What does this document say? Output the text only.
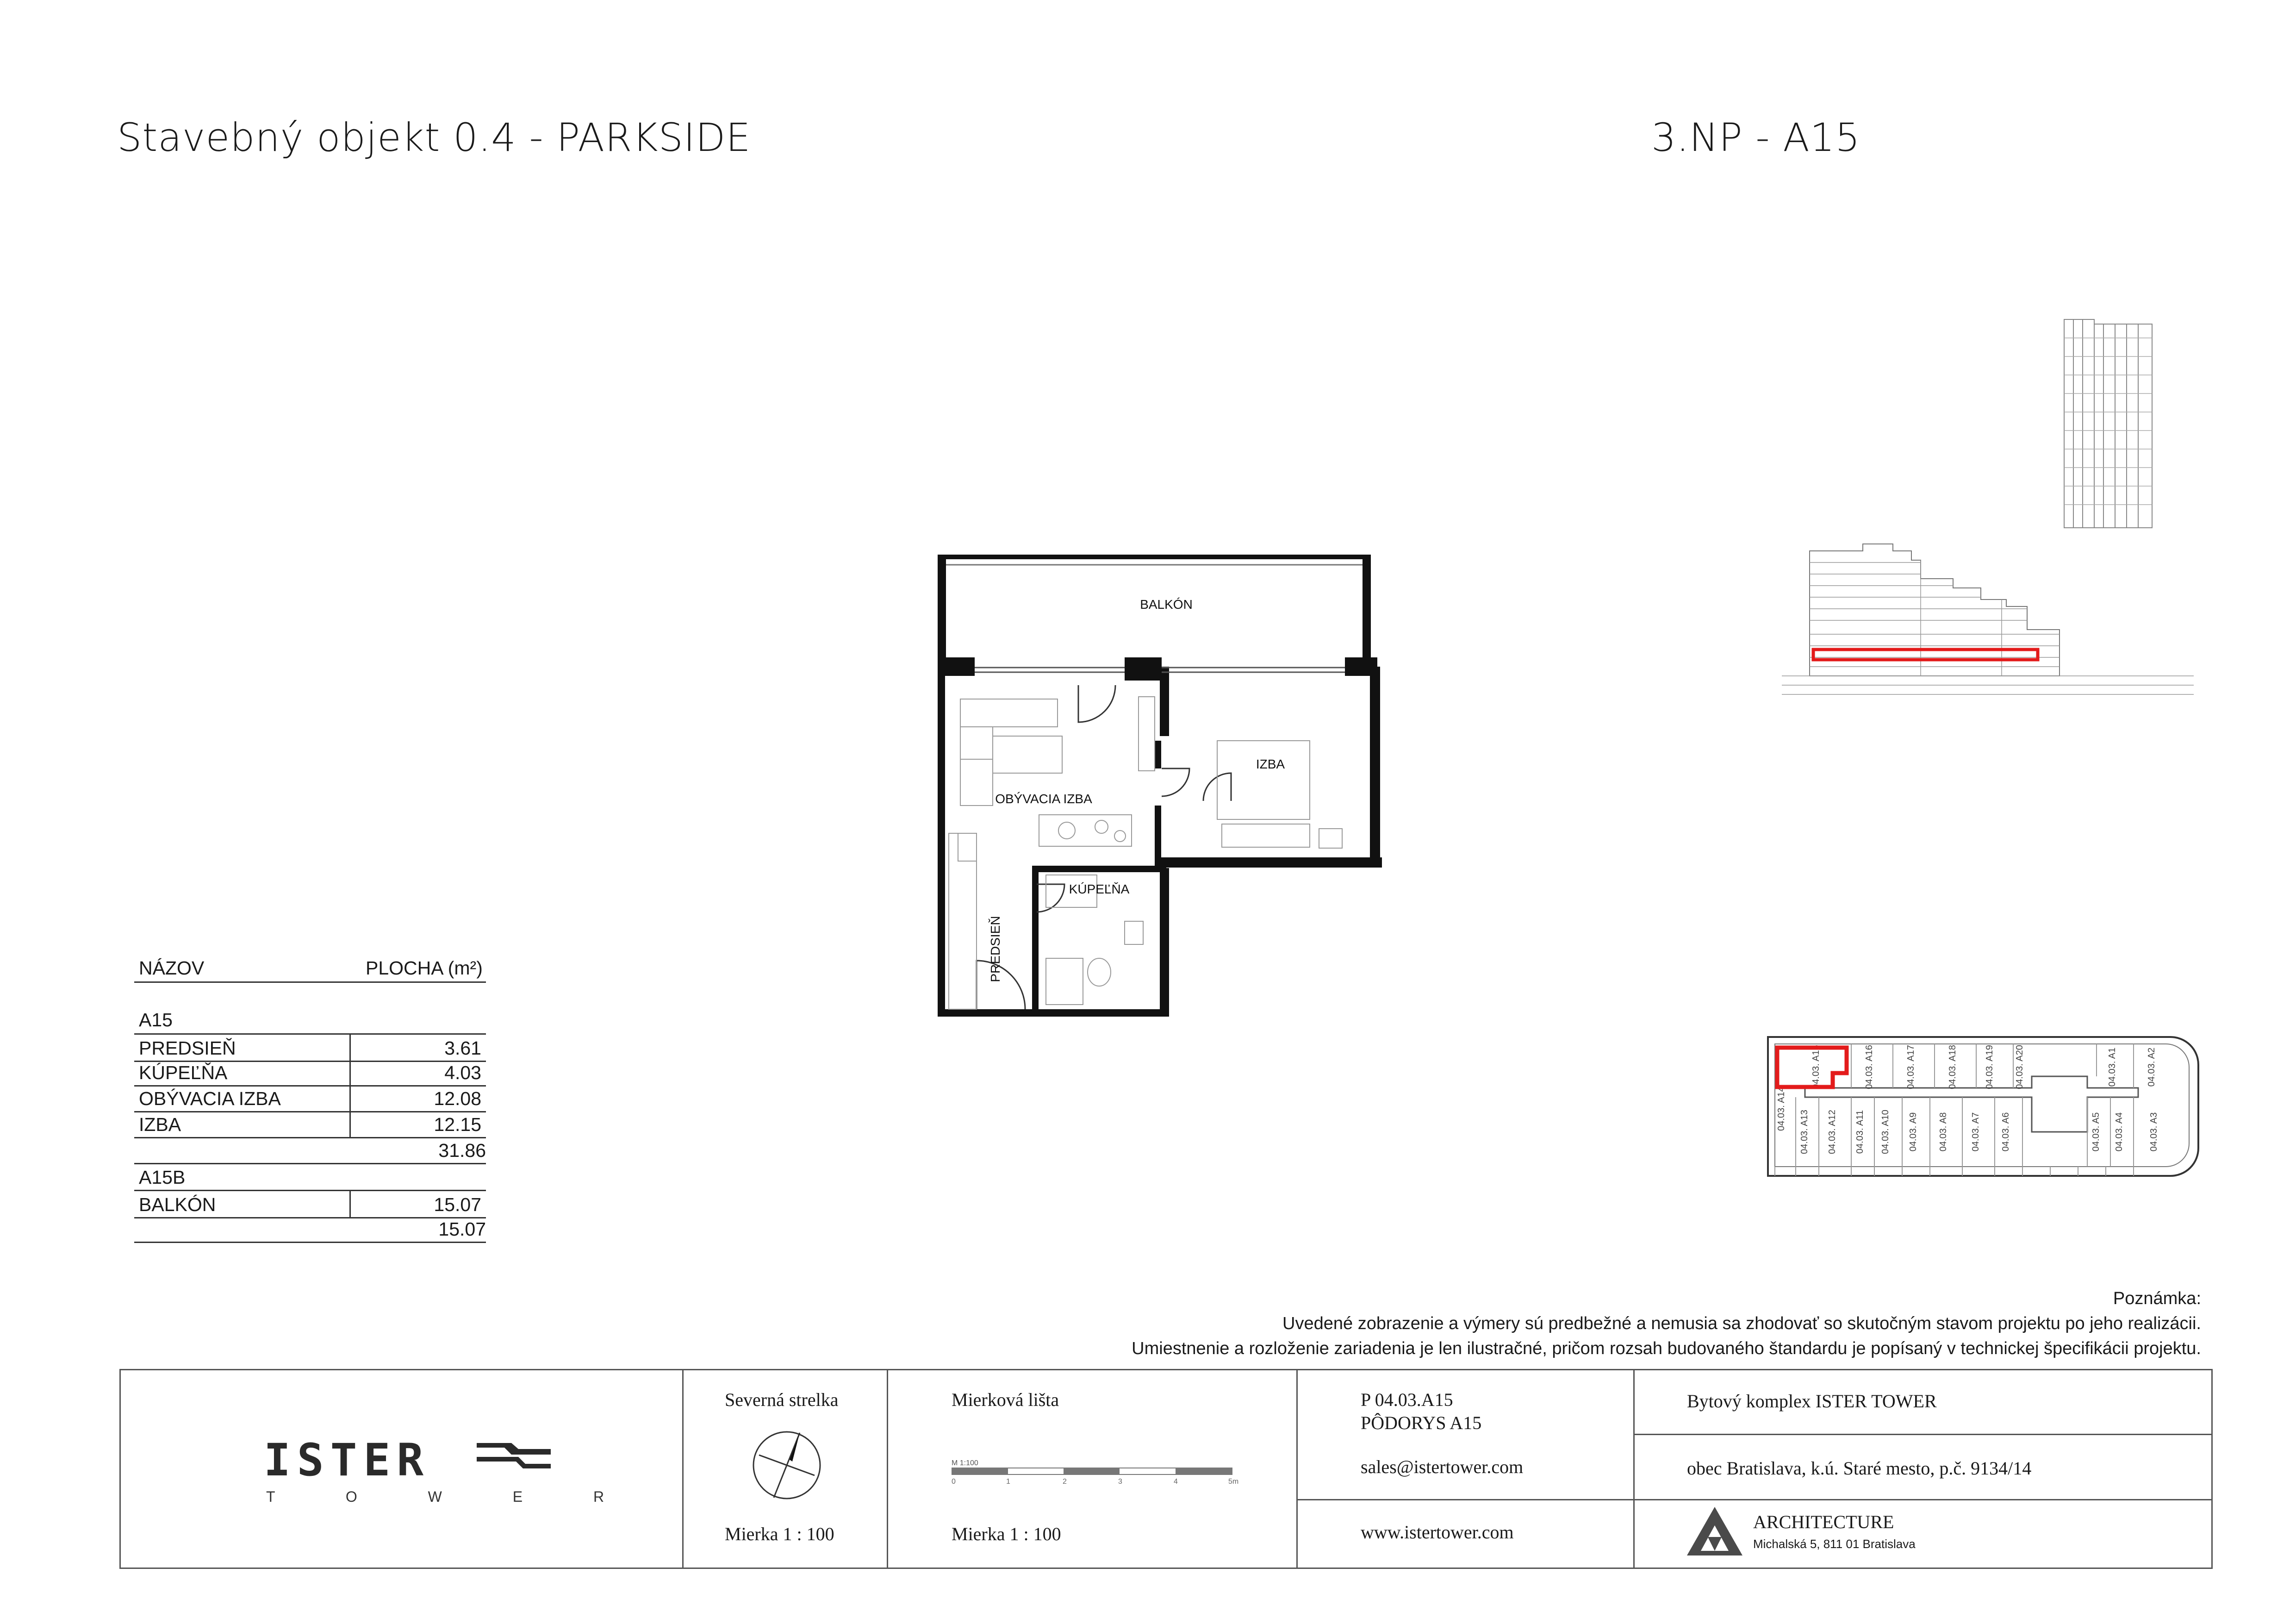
Stavebný objekt 0.4 - PARKSIDE	3.NP - A15
BALKÓN
OBÝVACIA IZBA
IZBA
KÚPEĽŇA
PREDSIEŇ
04.03. A15	04.03. A16	04.03. A17	04.03. A18	04.03. A19 04.03. A20	04.03. A1	04.03. A2
04.03. A14
04.03. A13 04.03. A12 04.03. A11 04.03. A10 04.03. A9 04.03. A8 04.03. A7 04.03. A6	04.03. A5 04.03. A4	04.03. A3
NÁZOV	PLOCHA (m²)
A15
PREDSIEŇ	3.61
KÚPEĽŇA	4.03
OBÝVACIA IZBA	12.08
IZBA	12.15
31.86
A15B
BALKÓN	15.07
15.07
Poznámka:
Uvedené zobrazenie a výmery sú predbežné a nemusia sa zhodovať so skutočným stavom projektu po jeho realizácii.
Umiestnenie a rozloženie zariadenia je len ilustračné, pričom rozsah budovaného štandardu je popísaný v technickej špecifikácii projektu.
ISTER
T O W E R
Severná strelka
Mierka 1 : 100
Mierková lišta
M 1:100
0	1	2	3	4	5m
Mierka 1 : 100
P 04.03.A15
PÔDORYS A15
sales@istertower.com
www.istertower.com
Bytový komplex ISTER TOWER
obec Bratislava, k.ú. Staré mesto, p.č. 9134/14
ARCHITECTURE
Michalská 5, 811 01 Bratislava
